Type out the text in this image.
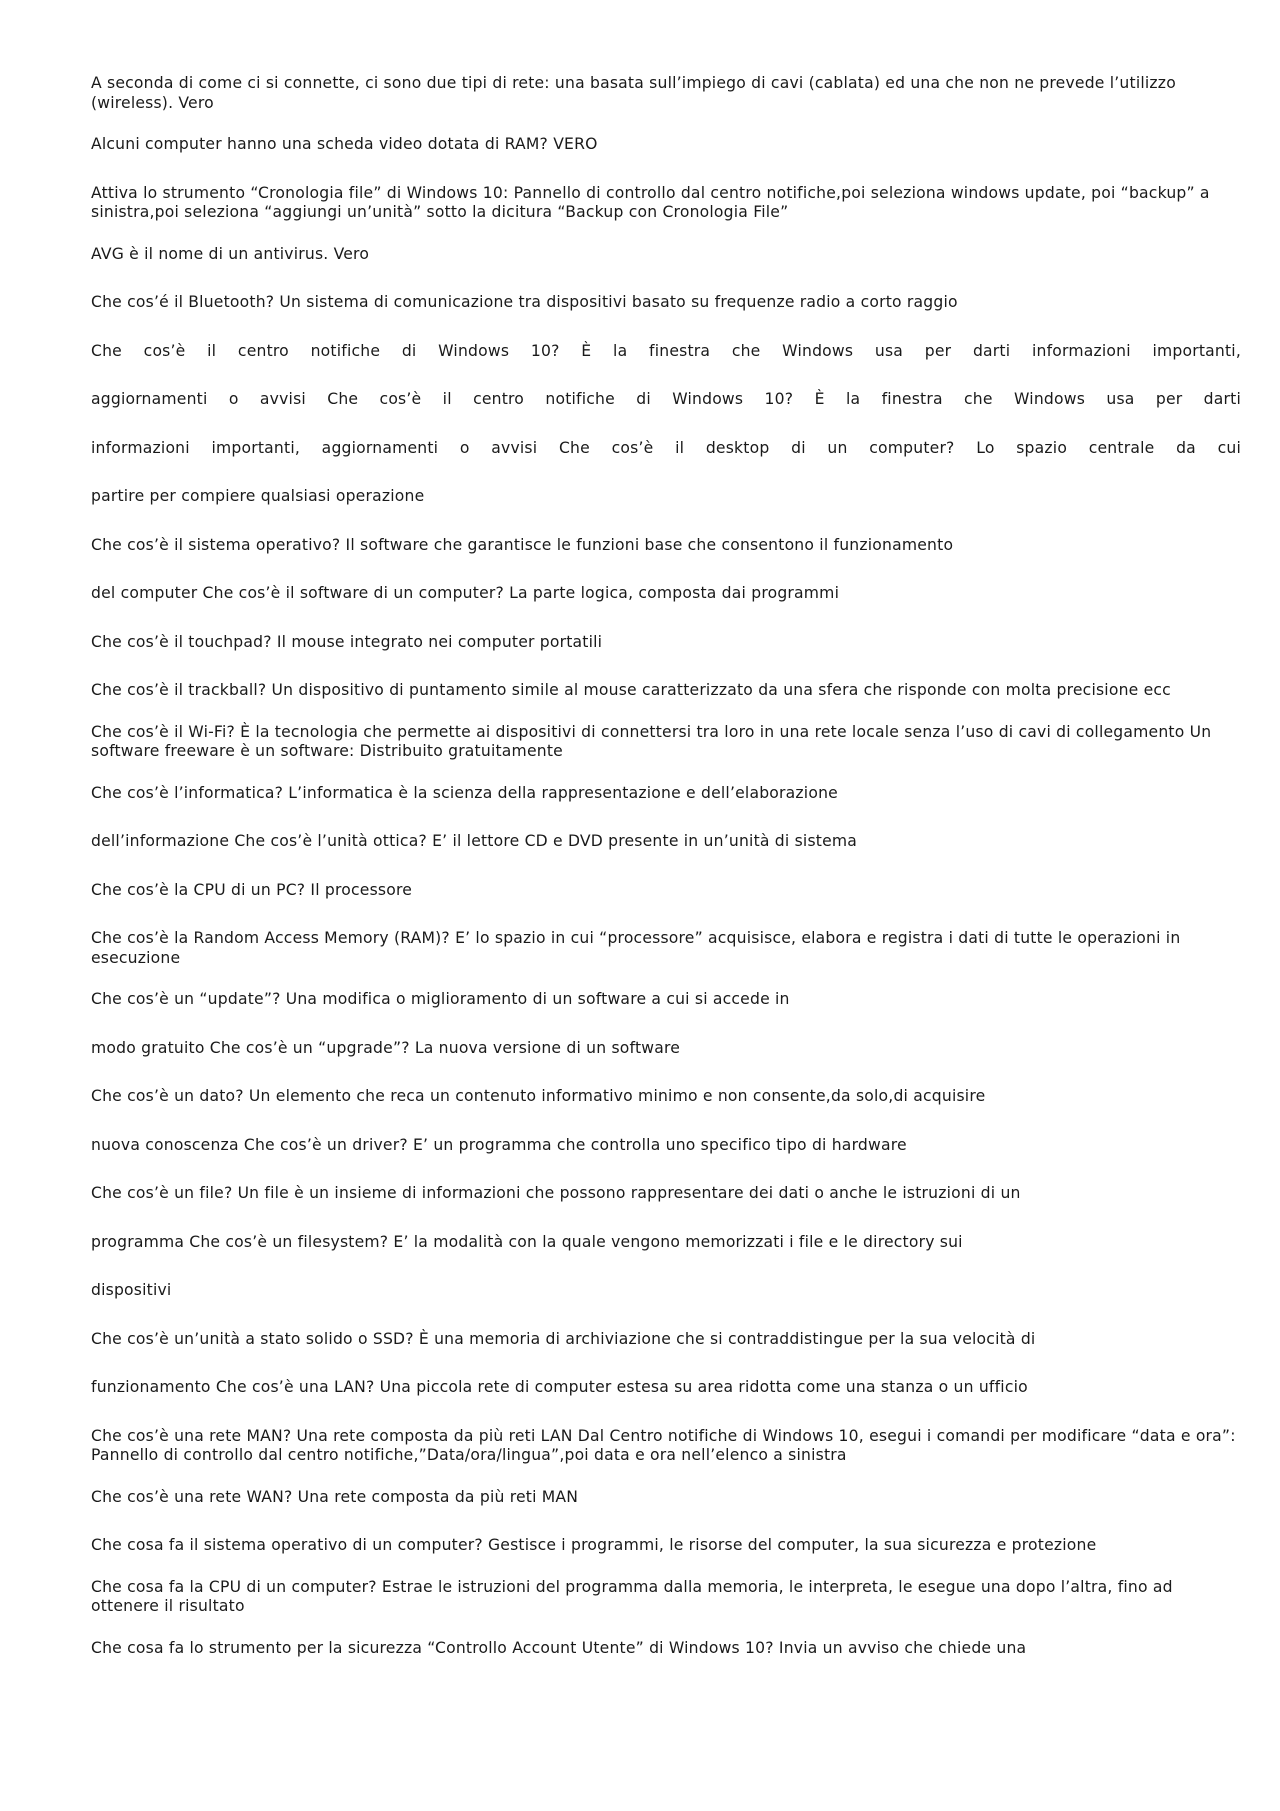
A seconda di come ci si connette, ci sono due tipi di rete: una basata sull’impiego di cavi (cablata) ed una che non ne prevede l’utilizzo (wireless). Vero

Alcuni computer hanno una scheda video dotata di RAM? VERO

Attiva lo strumento “Cronologia file” di Windows 10: Pannello di controllo dal centro notifiche,poi seleziona windows update, poi “backup” a sinistra,poi seleziona “aggiungi un’unità” sotto la dicitura “Backup con Cronologia File”

AVG è il nome di un antivirus. Vero

Che cos’é il Bluetooth? Un sistema di comunicazione tra dispositivi basato su frequenze radio a corto raggio

Che cos’è il centro notifiche di Windows 10? È la finestra che Windows usa per darti informazioni importanti,

aggiornamenti o avvisi Che cos’è il centro notifiche di Windows 10? È la finestra che Windows usa per darti

informazioni importanti, aggiornamenti o avvisi Che cos’è il desktop di un computer? Lo spazio centrale da cui

partire per compiere qualsiasi operazione

Che cos’è il sistema operativo? Il software che garantisce le funzioni base che consentono il funzionamento

del computer Che cos’è il software di un computer? La parte logica, composta dai programmi

Che cos’è il touchpad? Il mouse integrato nei computer portatili

Che cos’è il trackball? Un dispositivo di puntamento simile al mouse caratterizzato da una sfera che risponde con molta precisione ecc

Che cos’è il Wi-Fi? È la tecnologia che permette ai dispositivi di connettersi tra loro in una rete locale senza l’uso di cavi di collegamento Un software freeware è un software: Distribuito gratuitamente

Che cos’è l’informatica? L’informatica è la scienza della rappresentazione e dell’elaborazione

dell’informazione Che cos’è l’unità ottica? E’ il lettore CD e DVD presente in un’unità di sistema

Che cos’è la CPU di un PC? Il processore

Che cos’è la Random Access Memory (RAM)? E’ lo spazio in cui “processore” acquisisce, elabora e registra i dati di tutte le operazioni in esecuzione

Che cos’è un “update”? Una modifica o miglioramento di un software a cui si accede in

modo gratuito Che cos’è un “upgrade”? La nuova versione di un software

Che cos’è un dato? Un elemento che reca un contenuto informativo minimo e non consente,da solo,di acquisire

nuova conoscenza Che cos’è un driver? E’ un programma che controlla uno specifico tipo di hardware

Che cos’è un file? Un file è un insieme di informazioni che possono rappresentare dei dati o anche le istruzioni di un

programma Che cos’è un filesystem? E’ la modalità con la quale vengono memorizzati i file e le directory sui

dispositivi

Che cos’è un’unità a stato solido o SSD? È una memoria di archiviazione che si contraddistingue per la sua velocità di

funzionamento Che cos’è una LAN? Una piccola rete di computer estesa su area ridotta come una stanza o un ufficio

Che cos’è una rete MAN? Una rete composta da più reti LAN Dal Centro notifiche di Windows 10, esegui i comandi per modificare “data e ora”: Pannello di controllo dal centro notifiche,”Data/ora/lingua”,poi data e ora nell’elenco a sinistra

Che cos’è una rete WAN? Una rete composta da più reti MAN

Che cosa fa il sistema operativo di un computer? Gestisce i programmi, le risorse del computer, la sua sicurezza e protezione

Che cosa fa la CPU di un computer? Estrae le istruzioni del programma dalla memoria, le interpreta, le esegue una dopo l’altra, fino ad ottenere il risultato

Che cosa fa lo strumento per la sicurezza “Controllo Account Utente” di Windows 10? Invia un avviso che chiede una
